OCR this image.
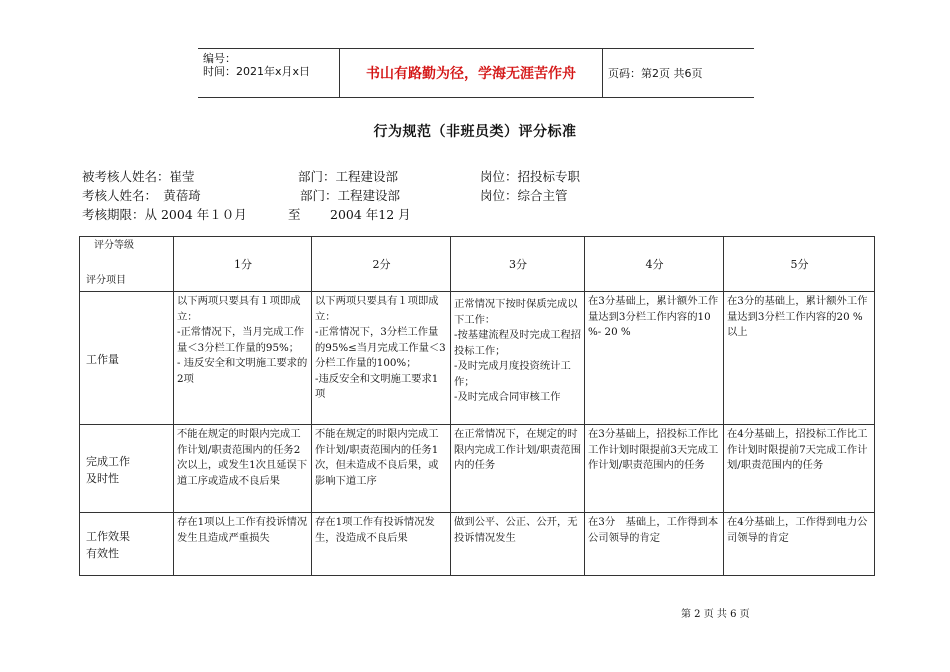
编号：
时间：2021年x月x日	书山有路勤为径，学海无涯苦作舟	页码：第2页 共6页
行为规范（非班员类）评分标准
被考核人姓名：崔莹	部门：工程建设部	岗位：招投标专职
考核人姓名：　黄蓓琦	部门：工程建设部	岗位：综合主管
考核期限：从 2004 年１０月	至 2004 年12 月
评分等级
评分项目	1分	2分	3分	4分	5分

工作量	以下两项只要具有１项即成立：
-正常情况下，当月完成工作量＜3分栏工作量的95%；
- 违反安全和文明施工要求的2项	以下两项只要具有１项即成立：
-正常情况下，3分栏工作量的95%≤当月完成工作量＜3分栏工作量的100%；
-违反安全和文明施工要求1项	正常情况下按时保质完成以下工作：
-按基建流程及时完成工程招投标工作；
-及时完成月度投资统计工作；
-及时完成合同审核工作	在3分基础上，累计额外工作量达到3分栏工作内容的10 %- 20 %	在3分的基础上，累计额外工作量达到3分栏工作内容的20 % 以上

完成工作
及时性	不能在规定的时限内完成工作计划/职责范围内的任务2次以上，或发生1次且延误下道工序或造成不良后果	不能在规定的时限内完成工作计划/职责范围内的任务1次，但未造成不良后果，或影响下道工序	在正常情况下，在规定的时限内完成工作计划/职责范围内的任务	在3分基础上，招投标工作比工作计划时限提前3天完成工作计划/职责范围内的任务	在4分基础上，招投标工作比工作计划时限提前7天完成工作计划/职责范围内的任务

工作效果
有效性	存在1项以上工作有投诉情况发生且造成严重损失	存在1项工作有投诉情况发生，没造成不良后果	做到公平、公正、公开，无投诉情况发生	在3分　基础上，工作得到本公司领导的肯定	在4分基础上，工作得到电力公司领导的肯定
第 2 页 共 6 页
